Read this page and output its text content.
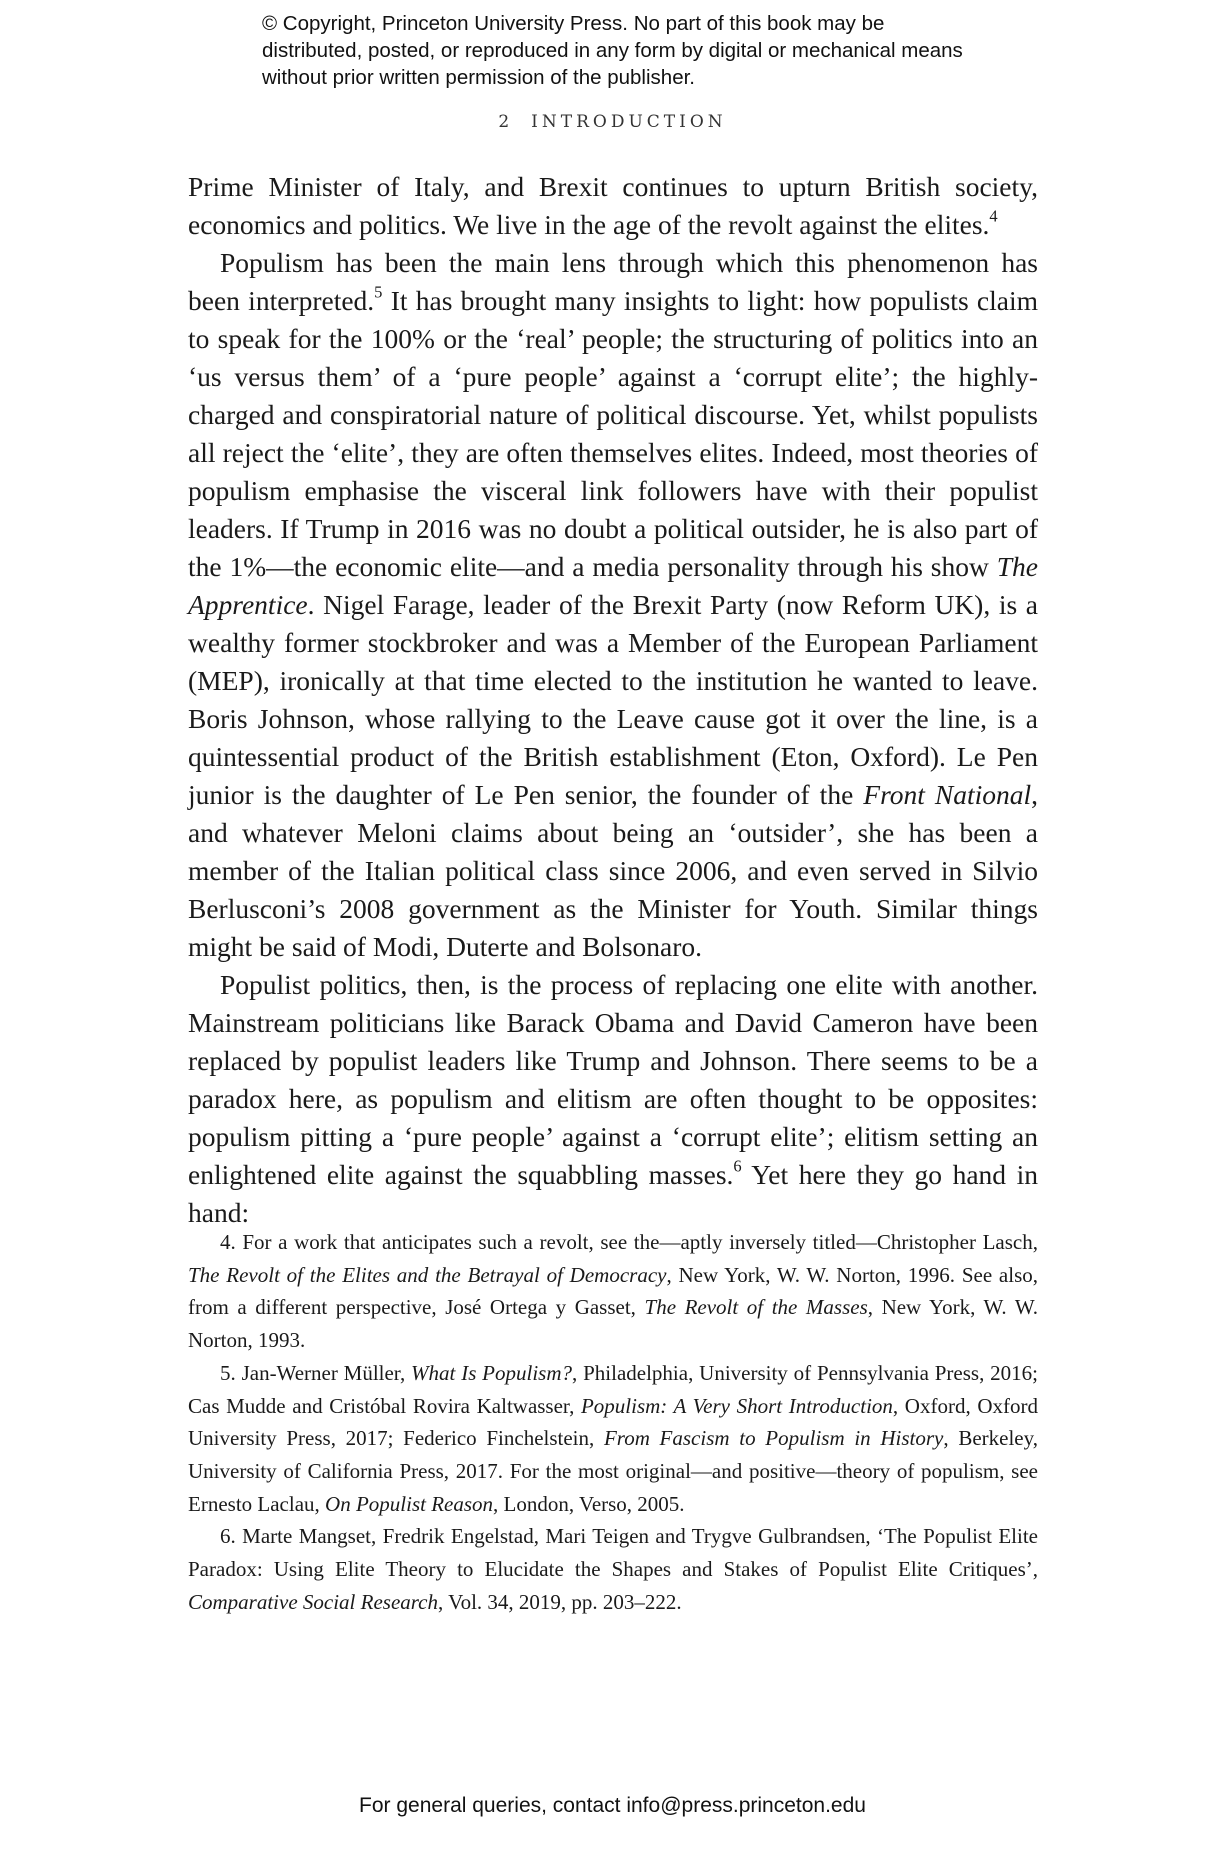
© Copyright, Princeton University Press. No part of this book may be distributed, posted, or reproduced in any form by digital or mechanical means without prior written permission of the publisher.
2 INTRODUCTION

Prime Minister of Italy, and Brexit continues to upturn British society, economics and politics. We live in the age of the revolt against the elites.$^4$

Populism has been the main lens through which this phenomenon has been interpreted.$^5$ It has brought many insights to light: how populists claim to speak for the 100% or the ‘real’ people; the structuring of politics into an ‘us versus them’ of a ‘pure people’ against a ‘corrupt elite’; the highly-charged and conspiratorial nature of political discourse. Yet, whilst populists all reject the ‘elite’, they are often themselves elites. Indeed, most theories of populism emphasise the visceral link followers have with their populist leaders. If Trump in 2016 was no doubt a political outsider, he is also part of the 1%—the economic elite—and a media personality through his show The Apprentice. Nigel Farage, leader of the Brexit Party (now Reform UK), is a wealthy former stockbroker and was a Member of the European Parliament (MEP), ironically at that time elected to the institution he wanted to leave. Boris Johnson, whose rallying to the Leave cause got it over the line, is a quintessential product of the British establishment (Eton, Oxford). Le Pen junior is the daughter of Le Pen senior, the founder of the Front National, and whatever Meloni claims about being an ‘outsider’, she has been a member of the Italian political class since 2006, and even served in Silvio Berlusconi’s 2008 government as the Minister for Youth. Similar things might be said of Modi, Duterte and Bolsonaro.

Populist politics, then, is the process of replacing one elite with another. Mainstream politicians like Barack Obama and David Cameron have been replaced by populist leaders like Trump and Johnson. There seems to be a paradox here, as populism and elitism are often thought to be opposites: populism pitting a ‘pure people’ against a ‘corrupt elite’; elitism setting an enlightened elite against the squabbling masses.$^6$ Yet here they go hand in hand:

4. For a work that anticipates such a revolt, see the—aptly inversely titled—Christopher Lasch, The Revolt of the Elites and the Betrayal of Democracy, New York, W. W. Norton, 1996. See also, from a different perspective, José Ortega y Gasset, The Revolt of the Masses, New York, W. W. Norton, 1993.

5. Jan-Werner Müller, What Is Populism?, Philadelphia, University of Pennsylvania Press, 2016; Cas Mudde and Cristóbal Rovira Kaltwasser, Populism: A Very Short Introduction, Oxford, Oxford University Press, 2017; Federico Finchelstein, From Fascism to Populism in History, Berkeley, University of California Press, 2017. For the most original—and positive—theory of populism, see Ernesto Laclau, On Populist Reason, London, Verso, 2005.

6. Marte Mangset, Fredrik Engelstad, Mari Teigen and Trygve Gulbrandsen, ‘The Populist Elite Paradox: Using Elite Theory to Elucidate the Shapes and Stakes of Populist Elite Critiques’, Comparative Social Research, Vol. 34, 2019, pp. 203–222.

For general queries, contact info@press.princeton.edu
